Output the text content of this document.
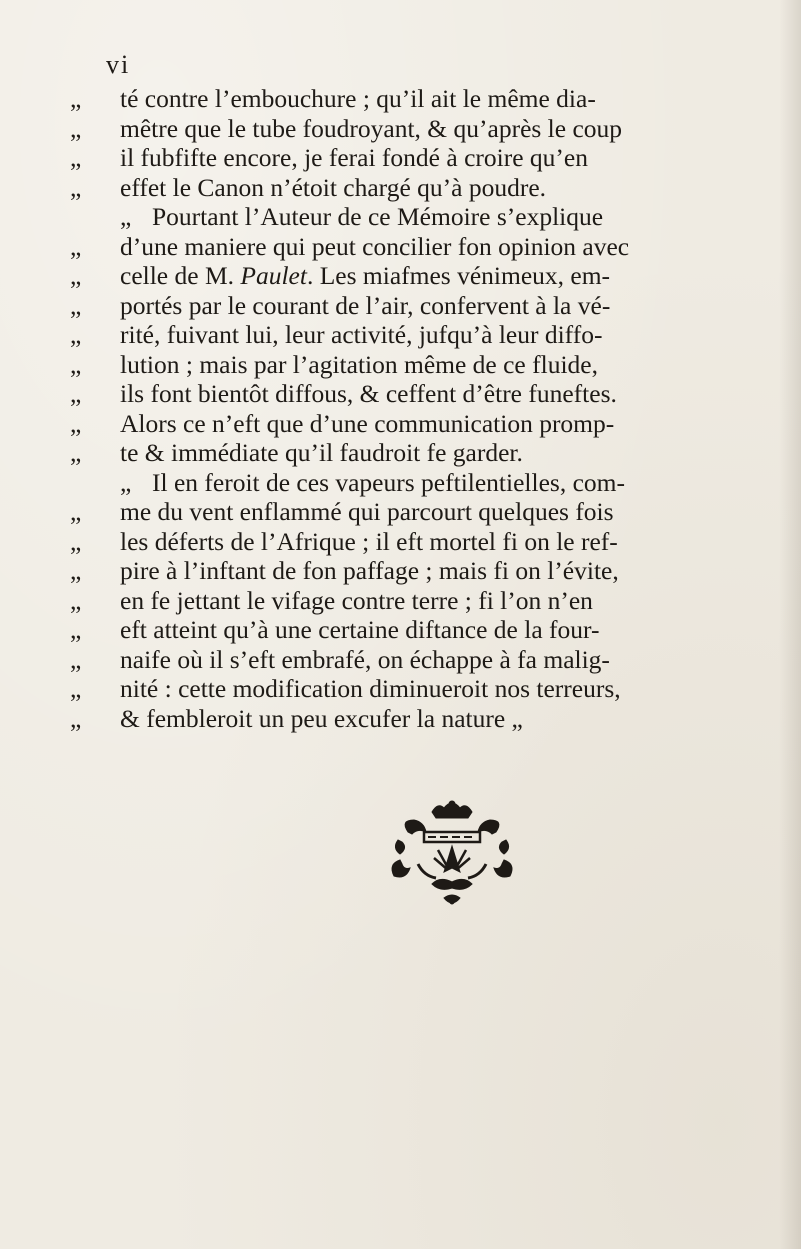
vi
„	té contre l’embouchure ; qu’il ait le même dia-
„	mêtre que le tube foudroyant, & qu’après le coup
„	il fubfifte encore, je ferai fondé à croire qu’en
„	effet le Canon n’étoit chargé qu’à poudre.
„ Pourtant l’Auteur de ce Mémoire s’explique
„	d’une maniere qui peut concilier fon opinion avec
„	celle de M. Paulet. Les miafmes vénimeux, em-
„	portés par le courant de l’air, confervent à la vé-
„	rité, fuivant lui, leur activité, jufqu’à leur diffo-
„	lution ; mais par l’agitation même de ce fluide,
„	ils font bientôt diffous, & ceffent d’être funeftes.
„	Alors ce n’eft que d’une communication promp-
„	te & immédiate qu’il faudroit fe garder.
„ Il en feroit de ces vapeurs peftilentielles, com-
„	me du vent enflammé qui parcourt quelques fois
„	les déferts de l’Afrique ; il eft mortel fi on le ref-
„	pire à l’inftant de fon paffage ; mais fi on l’évite,
„	en fe jettant le vifage contre terre ; fi l’on n’en
„	eft atteint qu’à une certaine diftance de la four-
„	naife où il s’eft embrafé, on échappe à fa malig-
„	nité : cette modification diminueroit nos terreurs,
„	& fembleroit un peu excufer la nature „
